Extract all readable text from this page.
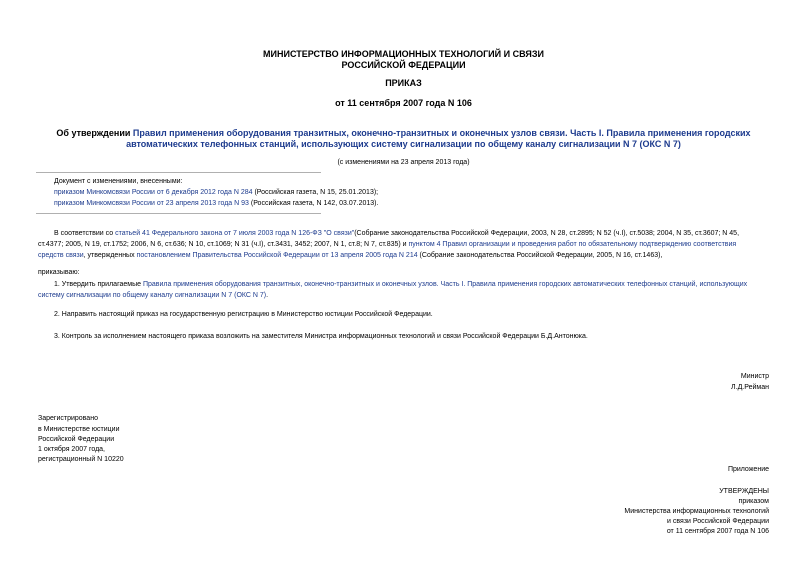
МИНИСТЕРСТВО ИНФОРМАЦИОННЫХ ТЕХНОЛОГИЙ И СВЯЗИ
РОССИЙСКОЙ ФЕДЕРАЦИИ
ПРИКАЗ
от 11 сентября 2007 года N 106
Об утверждении Правил применения оборудования транзитных, оконечно-транзитных и оконечных узлов связи. Часть I. Правила применения городских
автоматических телефонных станций, использующих систему сигнализации по общему каналу сигнализации N 7 (ОКС N 7)
(с изменениями на 23 апреля 2013 года)
Документ с изменениями, внесенными:
приказом Минкомсвязи России от 6 декабря 2012 года N 284 (Российская газета, N 15, 25.01.2013);
приказом Минкомсвязи России от 23 апреля 2013 года N 93 (Российская газета, N 142, 03.07.2013).
В соответствии со статьей 41 Федерального закона от 7 июля 2003 года N 126-ФЗ "О связи"(Собрание законодательства Российской Федерации, 2003, N 28, ст.2895; N 52 (ч.I), ст.5038; 2004, N 35, ст.3607; N 45,
ст.4377; 2005, N 19, ст.1752; 2006, N 6, ст.636; N 10, ст.1069; N 31 (ч.I), ст.3431, 3452; 2007, N 1, ст.8; N 7, ст.835) и пунктом 4 Правил организации и проведения работ по обязательному подтверждению соответствия
средств связи, утвержденных постановлением Правительства Российской Федерации от 13 апреля 2005 года N 214 (Собрание законодательства Российской Федерации, 2005, N 16, ст.1463),
приказываю:
1. Утвердить прилагаемые Правила применения оборудования транзитных, оконечно-транзитных и оконечных узлов. Часть I. Правила применения городских автоматических телефонных станций, использующих
систему сигнализации по общему каналу сигнализации N 7 (ОКС N 7).
2. Направить настоящий приказ на государственную регистрацию в Министерство юстиции Российской Федерации.
3. Контроль за исполнением настоящего приказа возложить на заместителя Министра информационных технологий и связи Российской Федерации Б.Д.Антонюка.
Министр
Л.Д.Рейман
Зарегистрировано
в Министерстве юстиции
Российской Федерации
1 октября 2007 года,
регистрационный N 10220
Приложение
УТВЕРЖДЕНЫ
приказом
Министерства информационных технологий
и связи Российской Федерации
от 11 сентября 2007 года N 106
